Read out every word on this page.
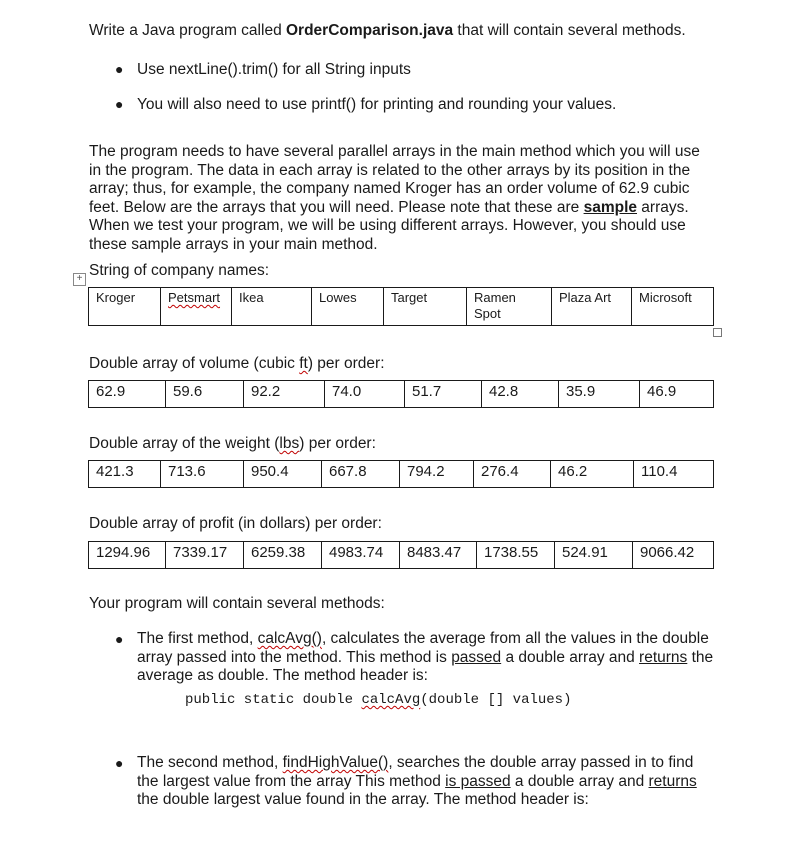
Write a Java program called OrderComparison.java that will contain several methods.
● Use nextLine().trim() for all String inputs
● You will also need to use printf() for printing and rounding your values.
The program needs to have several parallel arrays in the main method which you will use in the program. The data in each array is related to the other arrays by its position in the array; thus, for example, the company named Kroger has an order volume of 62.9 cubic feet. Below are the arrays that you will need. Please note that these are sample arrays. When we test your program, we will be using different arrays. However, you should use these sample arrays in your main method.
+ String of company names:
Kroger	Petsmart	Ikea	Lowes	Target	Ramen Spot	Plaza Art	Microsoft
Double array of volume (cubic ft) per order:
62.9	59.6	92.2	74.0	51.7	42.8	35.9	46.9
Double array of the weight (lbs) per order:
421.3	713.6	950.4	667.8	794.2	276.4	46.2	110.4
Double array of profit (in dollars) per order:
1294.96	7339.17	6259.38	4983.74	8483.47	1738.55	524.91	9066.42
Your program will contain several methods:
● The first method, calcAvg(), calculates the average from all the values in the double array passed into the method. This method is passed a double array and returns the average as double. The method header is:
public static double calcAvg(double [] values)
● The second method, findHighValue(), searches the double array passed in to find the largest value from the array This method is passed a double array and returns the double largest value found in the array. The method header is:
